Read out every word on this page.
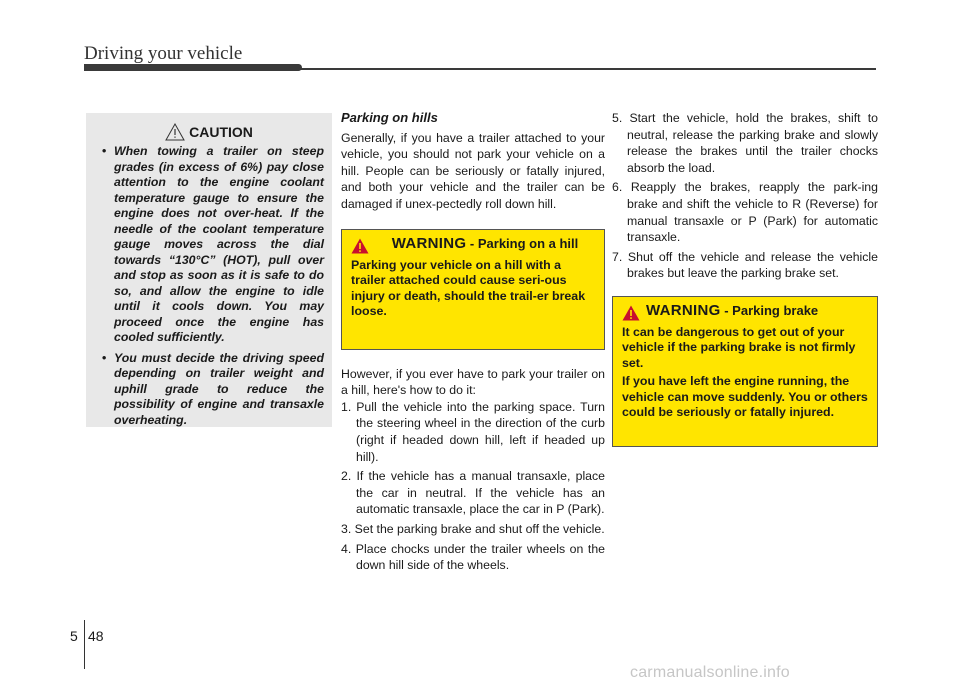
Driving your vehicle
CAUTION
• When towing a trailer on steep grades (in excess of 6%) pay close attention to the engine coolant temperature gauge to ensure the engine does not over-heat. If the needle of the coolant temperature gauge moves across the dial towards “130°C” (HOT), pull over and stop as soon as it is safe to do so, and allow the engine to idle until it cools down. You may proceed once the engine has cooled sufficiently.
• You must decide the driving speed depending on trailer weight and uphill grade to reduce the possibility of engine and transaxle overheating.
Parking on hills

Generally, if you have a trailer attached to your vehicle, you should not park your vehicle on a hill. People can be seriously or fatally injured, and both your vehicle and the trailer can be damaged if unex-pectedly roll down hill.

WARNING - Parking on a hill

Parking your vehicle on a hill with a trailer attached could cause seri-ous injury or death, should the trail-er break loose.

However, if you ever have to park your trailer on a hill, here's how to do it:

1. Pull the vehicle into the parking space. Turn the steering wheel in the direction of the curb (right if headed down hill, left if headed up hill).
2. If the vehicle has a manual transaxle, place the car in neutral. If the vehicle has an automatic transaxle, place the car in P (Park).
3. Set the parking brake and shut off the vehicle.
4. Place chocks under the trailer wheels on the down hill side of the wheels.
5. Start the vehicle, hold the brakes, shift to neutral, release the parking brake and slowly release the brakes until the trailer chocks absorb the load.
6. Reapply the brakes, reapply the park-ing brake and shift the vehicle to R (Reverse) for manual transaxle or P (Park) for automatic transaxle.
7. Shut off the vehicle and release the vehicle brakes but leave the parking brake set.
WARNING - Parking brake

It can be dangerous to get out of your vehicle if the parking brake is not firmly set.

If you have left the engine running, the vehicle can move suddenly. You or others could be seriously or fatally injured.

5 48
carmanualsonline.info
